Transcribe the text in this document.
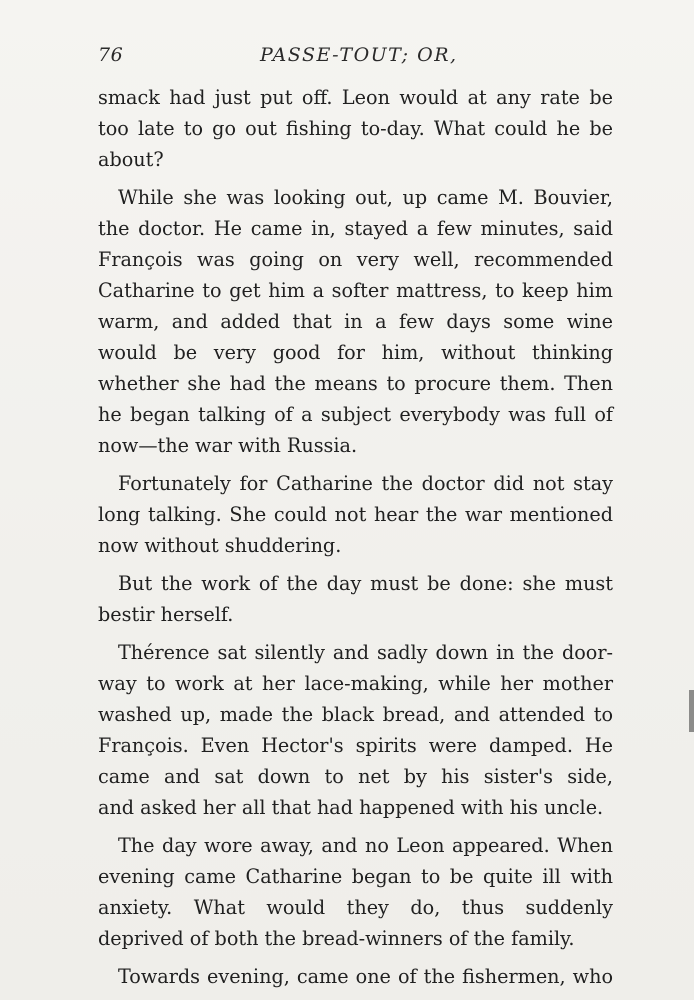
76	PASSE-TOUT; OR,
smack had just put off. Leon would at any rate be
too late to go out fishing to-day. What could he be
about?
While she was looking out, up came M. Bouvier,
the doctor. He came in, stayed a few minutes, said
François was going on very well, recommended
Catharine to get him a softer mattress, to keep him
warm, and added that in a few days some wine
would be very good for him, without thinking
whether she had the means to procure them. Then
he began talking of a subject everybody was full of
now—the war with Russia.
Fortunately for Catharine the doctor did not stay
long talking. She could not hear the war mentioned
now without shuddering.
But the work of the day must be done: she must
bestir herself.
Thérence sat silently and sadly down in the door-
way to work at her lace-making, while her mother
washed up, made the black bread, and attended to
François. Even Hector's spirits were damped. He
came and sat down to net by his sister's side,
and asked her all that had happened with his uncle.
The day wore away, and no Leon appeared. When
evening came Catharine began to be quite ill with
anxiety. What would they do, thus suddenly
deprived of both the bread-winners of the family.
Towards evening, came one of the fishermen, who
